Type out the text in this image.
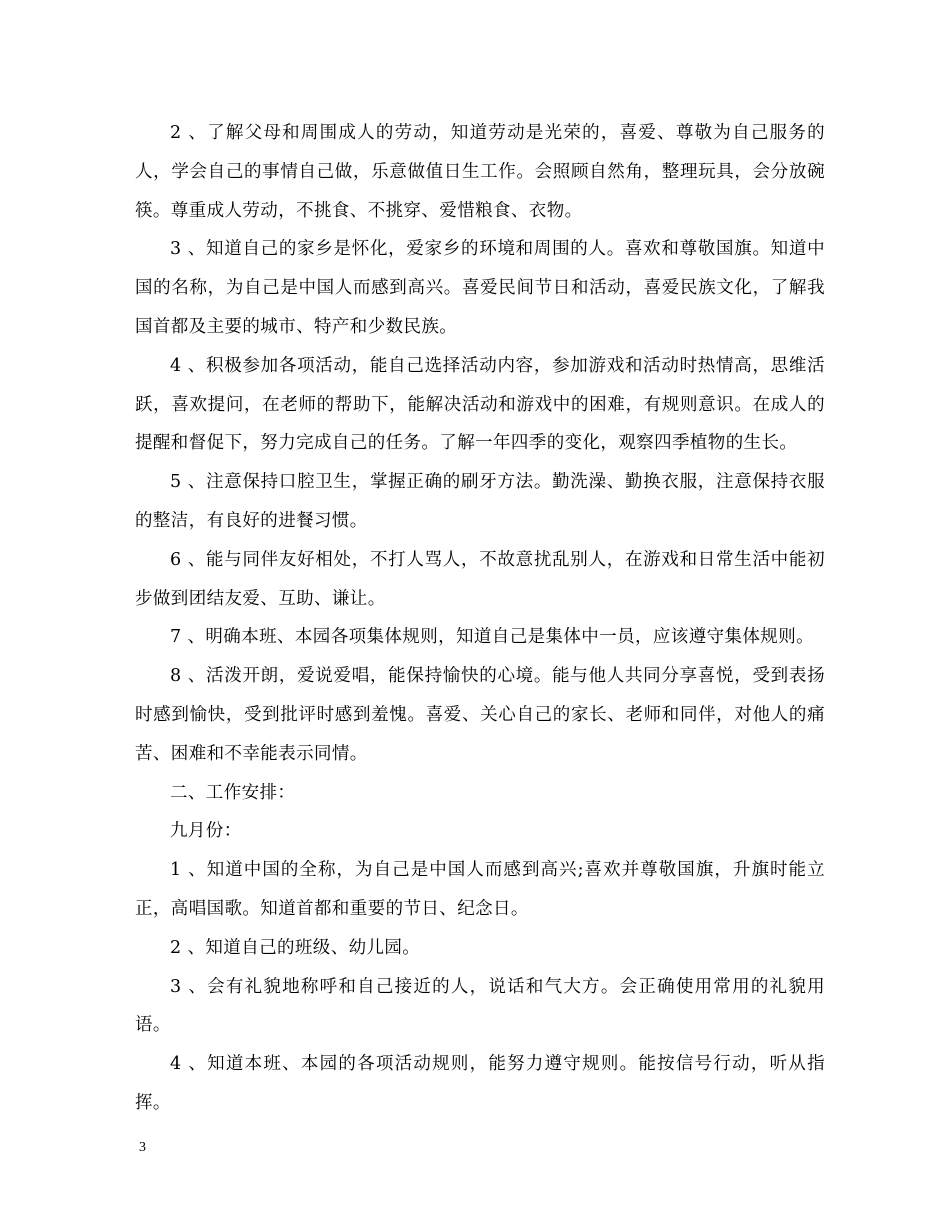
2 、了解父母和周围成人的劳动，知道劳动是光荣的，喜爱、尊敬为自己服务的人，学会自己的事情自己做，乐意做值日生工作。会照顾自然角，整理玩具，会分放碗筷。尊重成人劳动，不挑食、不挑穿、爱惜粮食、衣物。

3 、知道自己的家乡是怀化，爱家乡的环境和周围的人。喜欢和尊敬国旗。知道中国的名称，为自己是中国人而感到高兴。喜爱民间节日和活动，喜爱民族文化，了解我国首都及主要的城市、特产和少数民族。

4 、积极参加各项活动，能自己选择活动内容，参加游戏和活动时热情高，思维活跃，喜欢提问，在老师的帮助下，能解决活动和游戏中的困难，有规则意识。在成人的提醒和督促下，努力完成自己的任务。了解一年四季的变化，观察四季植物的生长。

5 、注意保持口腔卫生，掌握正确的刷牙方法。勤洗澡、勤换衣服，注意保持衣服的整洁，有良好的进餐习惯。

6 、能与同伴友好相处，不打人骂人，不故意扰乱别人，在游戏和日常生活中能初步做到团结友爱、互助、谦让。

7 、明确本班、本园各项集体规则，知道自己是集体中一员，应该遵守集体规则。

8 、活泼开朗，爱说爱唱，能保持愉快的心境。能与他人共同分享喜悦，受到表扬时感到愉快，受到批评时感到羞愧。喜爱、关心自己的家长、老师和同伴，对他人的痛苦、困难和不幸能表示同情。

二、工作安排：

九月份：

1 、知道中国的全称，为自己是中国人而感到高兴;喜欢并尊敬国旗，升旗时能立正，高唱国歌。知道首都和重要的节日、纪念日。

2 、知道自己的班级、幼儿园。

3 、会有礼貌地称呼和自己接近的人，说话和气大方。会正确使用常用的礼貌用语。

4 、知道本班、本园的各项活动规则，能努力遵守规则。能按信号行动，听从指挥。

3
